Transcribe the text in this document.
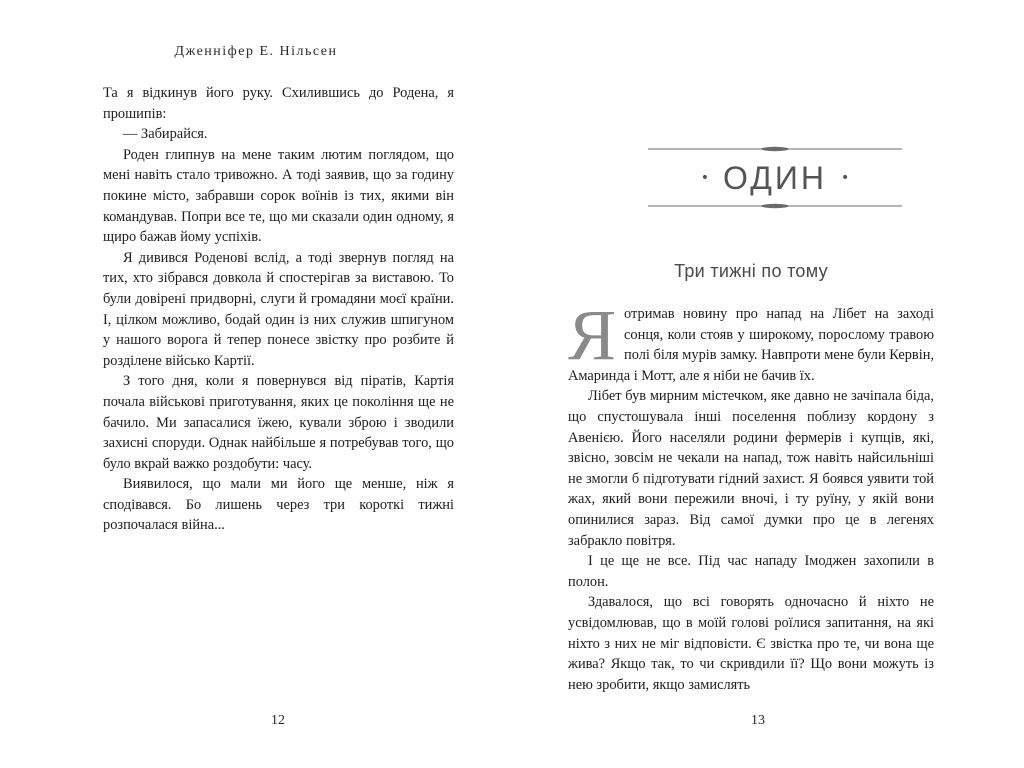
Дженніфер Е. Нільсен

Та я відкинув його руку. Схилившись до Родена, я прошипів:

— Забирайся.

Роден глипнув на мене таким лютим поглядом, що мені навіть стало тривожно. А тоді заявив, що за годину покине місто, забравши сорок воїнів із тих, якими він командував. Попри все те, що ми сказали один одному, я щиро бажав йому успіхів.

Я дивився Роденові вслід, а тоді звернув погляд на тих, хто зібрався довкола й спостерігав за виставою. То були довірені придворні, слуги й громадяни моєї країни. І, цілком можливо, бодай один із них служив шпигуном у нашого ворога й тепер понесе звістку про розбите й розділене військо Картії.

З того дня, коли я повернувся від піратів, Картія почала військові приготування, яких це покоління ще не бачило. Ми запасалися їжею, кували зброю і зводили захисні споруди. Однак найбільше я потребував того, що було вкрай важко роздобути: часу.

Виявилося, що мали ми його ще менше, ніж я сподівався. Бо лишень через три короткі тижні розпочалася війна...

12
• ОДИН •
Три тижні по тому

Яотримав новину про напад на Лібет на заході сонця, коли стояв у широкому, порослому травою полі біля мурів замку. Навпроти мене були Кервін, Амаринда і Мотт, але я ніби не бачив їх.

Лібет був мирним містечком, яке давно не зачіпала біда, що спустошувала інші поселення поблизу кордону з Авенією. Його населяли родини фермерів і купців, які, звісно, зовсім не чекали на напад, тож навіть найсильніші не змогли б підготувати гідний захист. Я боявся уявити той жах, який вони пережили вночі, і ту руїну, у якій вони опинилися зараз. Від самої думки про це в легенях забракло повітря.

І це ще не все. Під час нападу Імоджен захопили в полон.

Здавалося, що всі говорять одночасно й ніхто не усвідомлював, що в моїй голові роїлися запитання, на які ніхто з них не міг відповісти. Є звістка про те, чи вона ще жива? Якщо так, то чи скривдили її? Що вони можуть із нею зробити, якщо замислять

13
